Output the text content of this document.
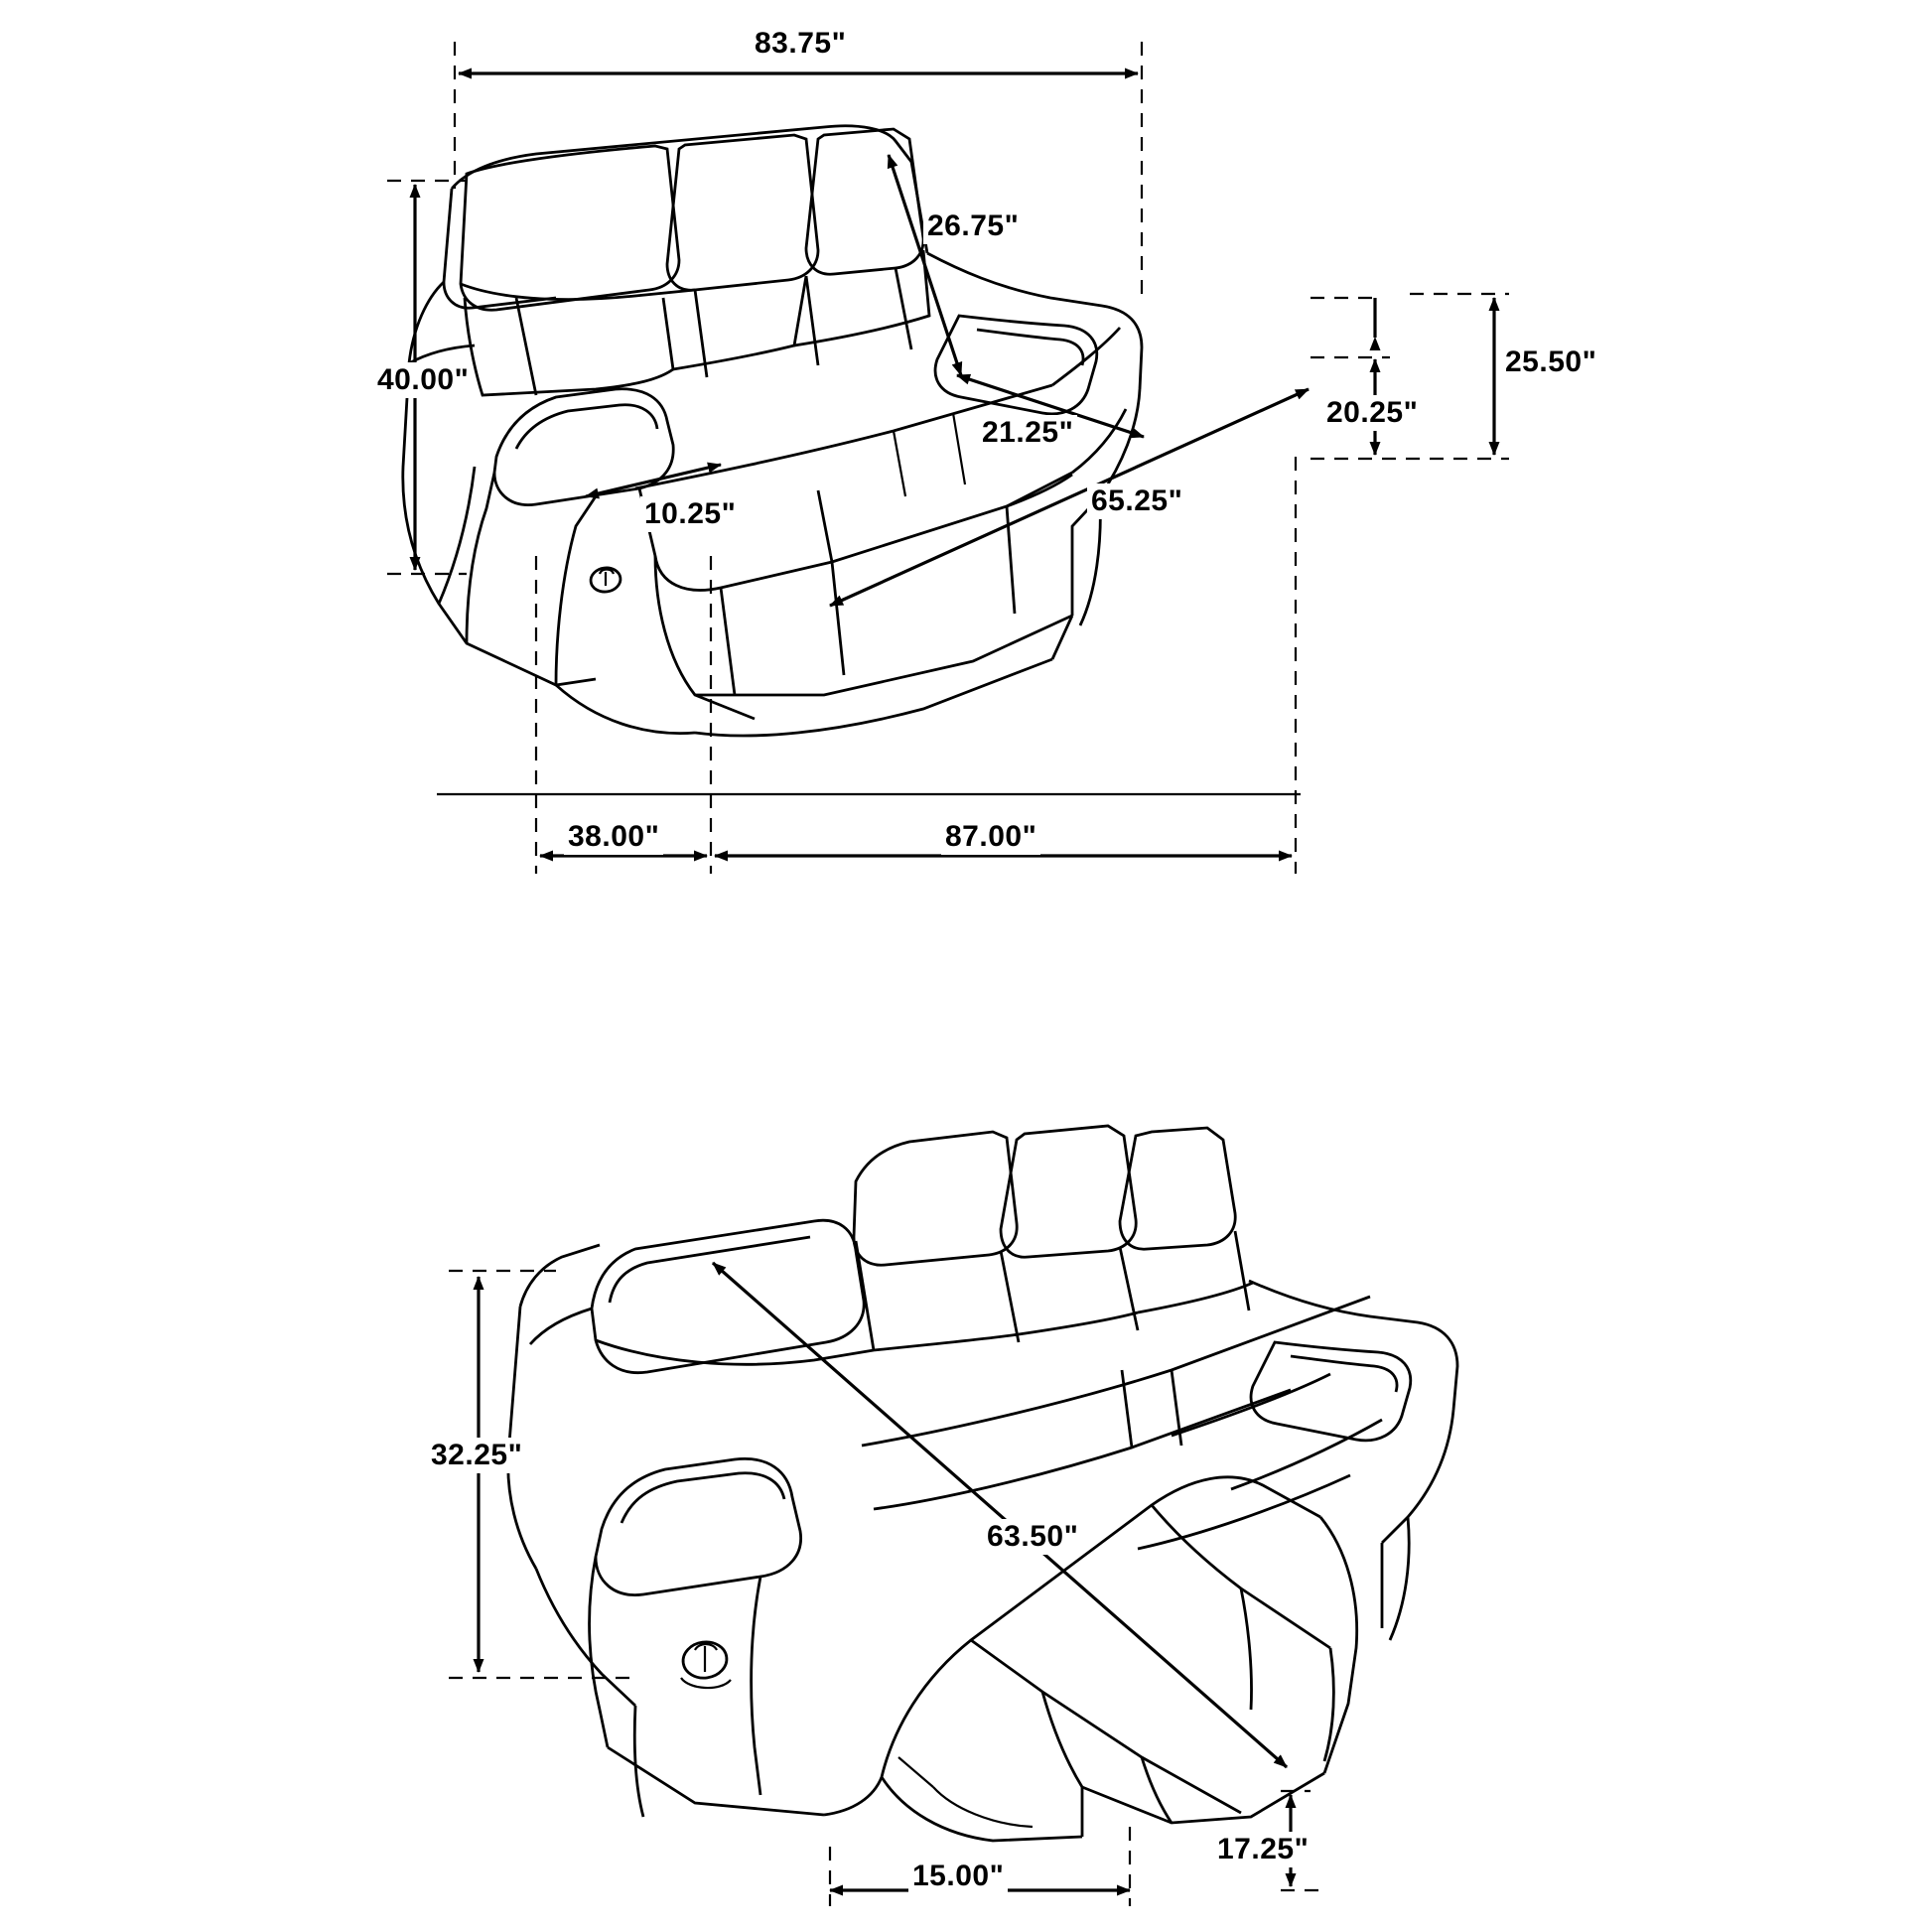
83.75"
26.75"
21.25"
40.00"
10.25"	65.25"
25.50"
20.25"
38.00"	87.00"
32.25"
63.50"
17.25"
15.00"
